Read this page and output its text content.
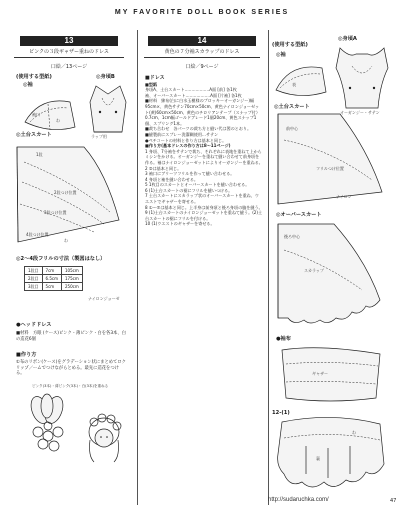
MY FAVORITE DOLL BOOK SERIES
13
ピンクの３段ギャザー重ねのドレス
口絵／13ページ
(使用する型紙)
◎袖
◎身頃B
袖口
わ
ラップ用
◎土台スカート
1段
2段つけ位置
3段つけ位置
4段つけ位置
わ
◎2〜4段フリルの寸法（製図はなし）
1段目	7cm	105cm
2段目	6.5cm	175cm
3段目	5cm	250cm
ナイロンジョーゼ
●ヘッドドレス

■材料　方眼 (ケース)ピンク・薄ピンク・白を各3本、白の造花6個

■作り方

①布のリボン(ケース)をグラデーション状にまとめてロクリップ／ームでつけながらとめる。最先に造花をつける。

ピンク(3本)・薄ピンク(3本)・白(3本)を重ねる
14
黄色の７分袖スカラップのドレス
口絵／9ページ

■ドレス

■型紙

身頃A、土台スカート………………A面 [前] 各1枚

袖、オーバースカート………………A面 [片袖] 各1枚

■材料　綿布(白に白水玉模様のプロッキーオーガンジー)幅95cm×、黄色サテン70cm×50cm、黄色ナイロンジョーゼット(黄)60cm×50cm、黄色のチロリアンテープ（スナップ付）0.7cm、1cm幅ゴールドブレード1個20cm、黄色スナップ1個、スプリング1本。

■裁ち合わせ　各パーツの裁ち方と縫い代は図のとおり。

■縫製前にスプレー洗濯糊使用…サテン

●ペチコートの材料と作り方は基本と同じ。

■作り方(基本ドレスの作り方は8〜11ページ)

1 身頃、7分袖をサテンで裁ち、それぞれに表地を重ねて上からミシンをかける。オーガンジーを重ねて縫い合わせて前身頃を作る。袖はナイロンジョーゼットによりオーガンジーを重ねる。

2 ②は基本と同じ。

3 袖口にブリーツフリルを作って縫い合わせる。

4 身頃と袖を縫い合わせる。

5 1枚目のスカートとオーバースカートを縫い合わせる。

6 (1)土台スカートの裾にフリルを縫いつける。

7 土台スカートにスカラップ状のオーバースカートを重ね、ウエストでギャザーを寄せる。

8 ①〜⑦は基本と同じ。上半身は前身頃と後ろ身頃の脇を縫う。

9 (1)土台スカートのナイロンジョーゼットを重ねて縫う。(2)土台スカートの裾にフリルを付ける。

10 (1)ウエストのギャザーを寄せる。

(使用する型紙)
◎袖
◎身頃A
表
オーガンジー・サテン
◎土台スカート
フリルつけ位置
前中心
ナイロン
◎オーバースカート
スカラップ
後ろ中心
●袖布
ギャザー
12-(1)
裏
わ
http://sudaruchka.com/	47
